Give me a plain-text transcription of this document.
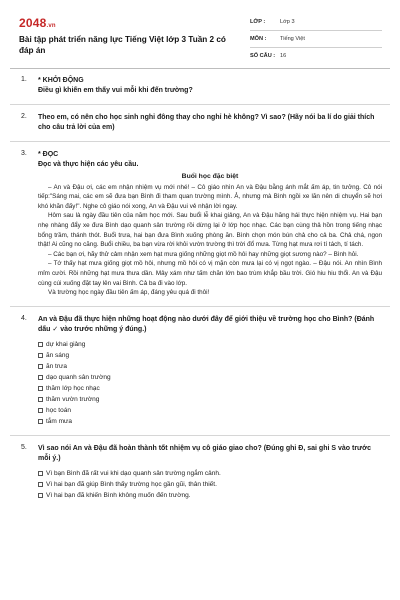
2048.vn
Bài tập phát triển năng lực Tiếng Việt lớp 3 Tuần 2 có đáp án
LỚP :	Lớp 3
MÔN :	Tiếng Việt
SỐ CÂU : 16
1. * KHỞI ĐỘNG
Điều gì khiến em thấy vui mỗi khi đến trường?
2. Theo em, có nên cho học sinh nghỉ đông thay cho nghỉ hè không? Vì sao? (Hãy nói ba lí do giải thích cho câu trả lời của em)
3. * ĐỌC
Đọc và thực hiện các yêu cầu.
Buổi học đặc biệt

– An và Đậu ơi, các em nhận nhiệm vụ mới nhé! – Cô giáo nhìn An và Đậu bằng ánh mắt ấm áp, tin tưởng. Cô nói tiếp:"Sáng mai, các em sẽ đưa bạn Bình đi tham quan trường mình. Ả, nhưng mà Bình ngồi xe lăn nên di chuyển sẽ hơi khó khăn đấy!". Nghe cô giáo nói xong, An và Đậu vui vẻ nhận lời ngay.

Hôm sau là ngày đầu tiên của năm học mới. Sau buổi lễ khai giảng, An và Đậu hăng hái thực hiện nhiệm vụ. Hai bạn nhẹ nhàng đẩy xe đưa Bình dạo quanh sân trường rồi dừng lại ở lớp học nhạc. Các bạn cùng thả hồn trong tiếng nhạc bổng trầm, thánh thót. Buổi trưa, hai bạn đưa Bình xuống phòng ăn. Bình chọn món bún chả cho cả ba. Chả chá, ngon thật! Ai cũng no căng. Buổi chiều, ba bạn vừa rời khỏi vườn trường thì trời đổ mưa. Từng hạt mưa rơi tí tách, tí tách.

– Các bạn ơi, hãy thử cảm nhận xem hạt mưa giống những giọt mồ hôi hay những giọt sương nào? – Bình hỏi.

– Tớ thấy hạt mưa giống giọt mồ hôi, nhưng mồ hôi có vị mặn còn mưa lại có vị ngọt ngào. – Đậu nói. An nhìn Bình mỉm cười. Rồi những hạt mưa thưa dần. Mây xám như tấm chăn lớn bao trùm khắp bầu trời. Gió hiu hiu thổi. An và Đậu cùng cúi xuống đặt tay lên vai Bình. Cả ba đi vào lớp.

Và trường học ngày đầu tiên ấm áp, đáng yêu quá đi thôi!

4. An và Đậu đã thực hiện những hoạt động nào dưới đây để giới thiệu về trường học cho Bình? (Đánh dấu ✓ vào trước những ý đúng.)
dự khai giảng
ăn sáng
ăn trưa
dạo quanh sân trường
thăm lớp học nhạc
thăm vườn trường
học toán
tắm mưa
5. Vì sao nói An và Đậu đã hoàn thành tốt nhiệm vụ cô giáo giao cho? (Đúng ghi Đ, sai ghi S vào trước mỗi ý.)
Vì bạn Bình đã rất vui khi dạo quanh sân trường ngắm cảnh.
Vì hai bạn đã giúp Bình thấy trường học gần gũi, thân thiết.
Vì hai bạn đã khiến Bình không muốn đến trường.
